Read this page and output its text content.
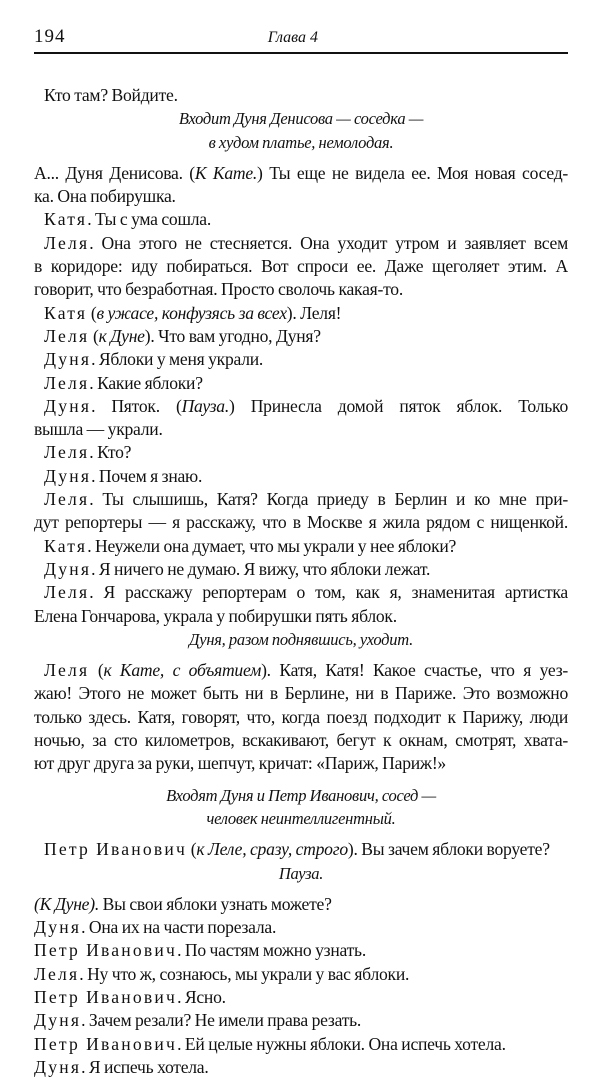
194	Глава 4
Кто там? Войдите.
Входит Дуня Денисова — соседка —
в худом платье, немолодая.
А... Дуня Денисова. (К Кате.) Ты еще не видела ее. Моя новая сосед-
ка. Она побирушка.
Катя. Ты с ума сошла.
Леля. Она этого не стесняется. Она уходит утром и заявляет всем
в коридоре: иду побираться. Вот спроси ее. Даже щеголяет этим. А
говорит, что безработная. Просто сволочь какая-то.
Катя (в ужасе, конфузясь за всех). Леля!
Леля (к Дуне). Что вам угодно, Дуня?
Дуня. Яблоки у меня украли.
Леля. Какие яблоки?
Дуня. Пяток. (Пауза.) Принесла домой пяток яблок. Только
вышла — украли.
Леля. Кто?
Дуня. Почем я знаю.
Леля. Ты слышишь, Катя? Когда приеду в Берлин и ко мне при-
дут репортеры — я расскажу, что в Москве я жила рядом с нищенкой.
Катя. Неужели она думает, что мы украли у нее яблоки?
Дуня. Я ничего не думаю. Я вижу, что яблоки лежат.
Леля. Я расскажу репортерам о том, как я, знаменитая артистка
Елена Гончарова, украла у побирушки пять яблок.
Дуня, разом поднявшись, уходит.
Леля (к Кате, с объятием). Катя, Катя! Какое счастье, что я уез-
жаю! Этого не может быть ни в Берлине, ни в Париже. Это возможно
только здесь. Катя, говорят, что, когда поезд подходит к Парижу, люди
ночью, за сто километров, вскакивают, бегут к окнам, смотрят, хвата-
ют друг друга за руки, шепчут, кричат: «Париж, Париж!»
Входят Дуня и Петр Иванович, сосед —
человек неинтеллигентный.
Петр Иванович (к Леле, сразу, строго). Вы зачем яблоки воруете?
Пауза.
(К Дуне). Вы свои яблоки узнать можете?
Дуня. Она их на части порезала.
Петр Иванович. По частям можно узнать.
Леля. Ну что ж, сознаюсь, мы украли у вас яблоки.
Петр Иванович. Ясно.
Дуня. Зачем резали? Не имели права резать.
Петр Иванович. Ей целые нужны яблоки. Она испечь хотела.
Дуня. Я испечь хотела.
